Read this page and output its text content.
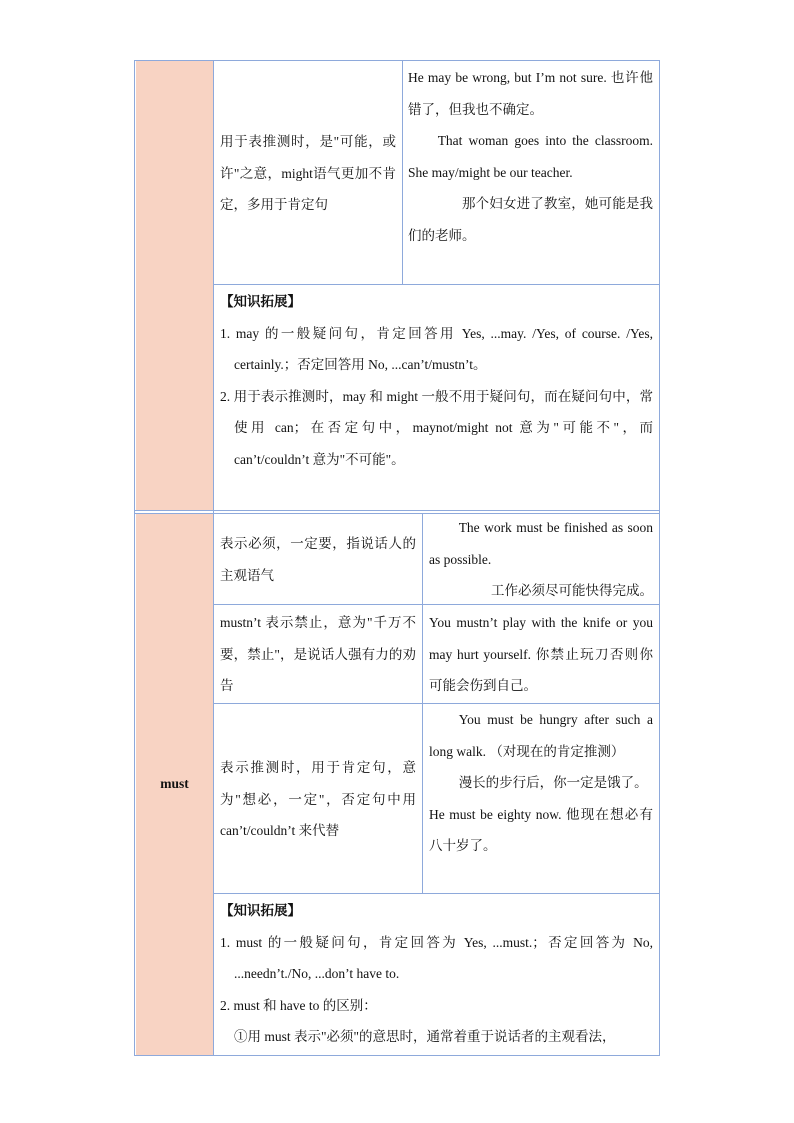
用于表推测时，是"可能，或许"之意，might语气更加不肯定，多用于肯定句
He may be wrong, but I’m not sure. 也许他错了，但我也不确定。
That woman goes into the classroom. She may/might be our teacher.
那个妇女进了教室，她可能是我们的老师。
【知识拓展】
1. may 的一般疑问句，肯定回答用 Yes, ...may. /Yes, of course. /Yes, certainly.；否定回答用 No, ...can’t/mustn’t。
2. 用于表示推测时，may 和 might 一般不用于疑问句，而在疑问句中，常使用 can；在否定句中，maynot/might not 意为"可能不"，而 can’t/couldn’t 意为"不可能"。
must
表示必须，一定要，指说话人的主观语气
The work must be finished as soon as possible.
工作必须尽可能快得完成。
mustn’t 表示禁止，意为"千万不要，禁止"，是说话人强有力的劝告
You mustn’t play with the knife or you may hurt yourself. 你禁止玩刀否则你可能会伤到自己。
表示推测时，用于肯定句，意为"想必，一定"，否定句中用 can’t/couldn’t 来代替
You must be hungry after such a long walk. （对现在的肯定推测）
漫长的步行后，你一定是饿了。
He must be eighty now. 他现在想必有八十岁了。
【知识拓展】
1. must 的一般疑问句，肯定回答为 Yes, ...must.；否定回答为 No, ...needn’t./No, ...don’t have to.
2. must 和 have to 的区别：
①用 must 表示"必须"的意思时，通常着重于说话者的主观看法，
